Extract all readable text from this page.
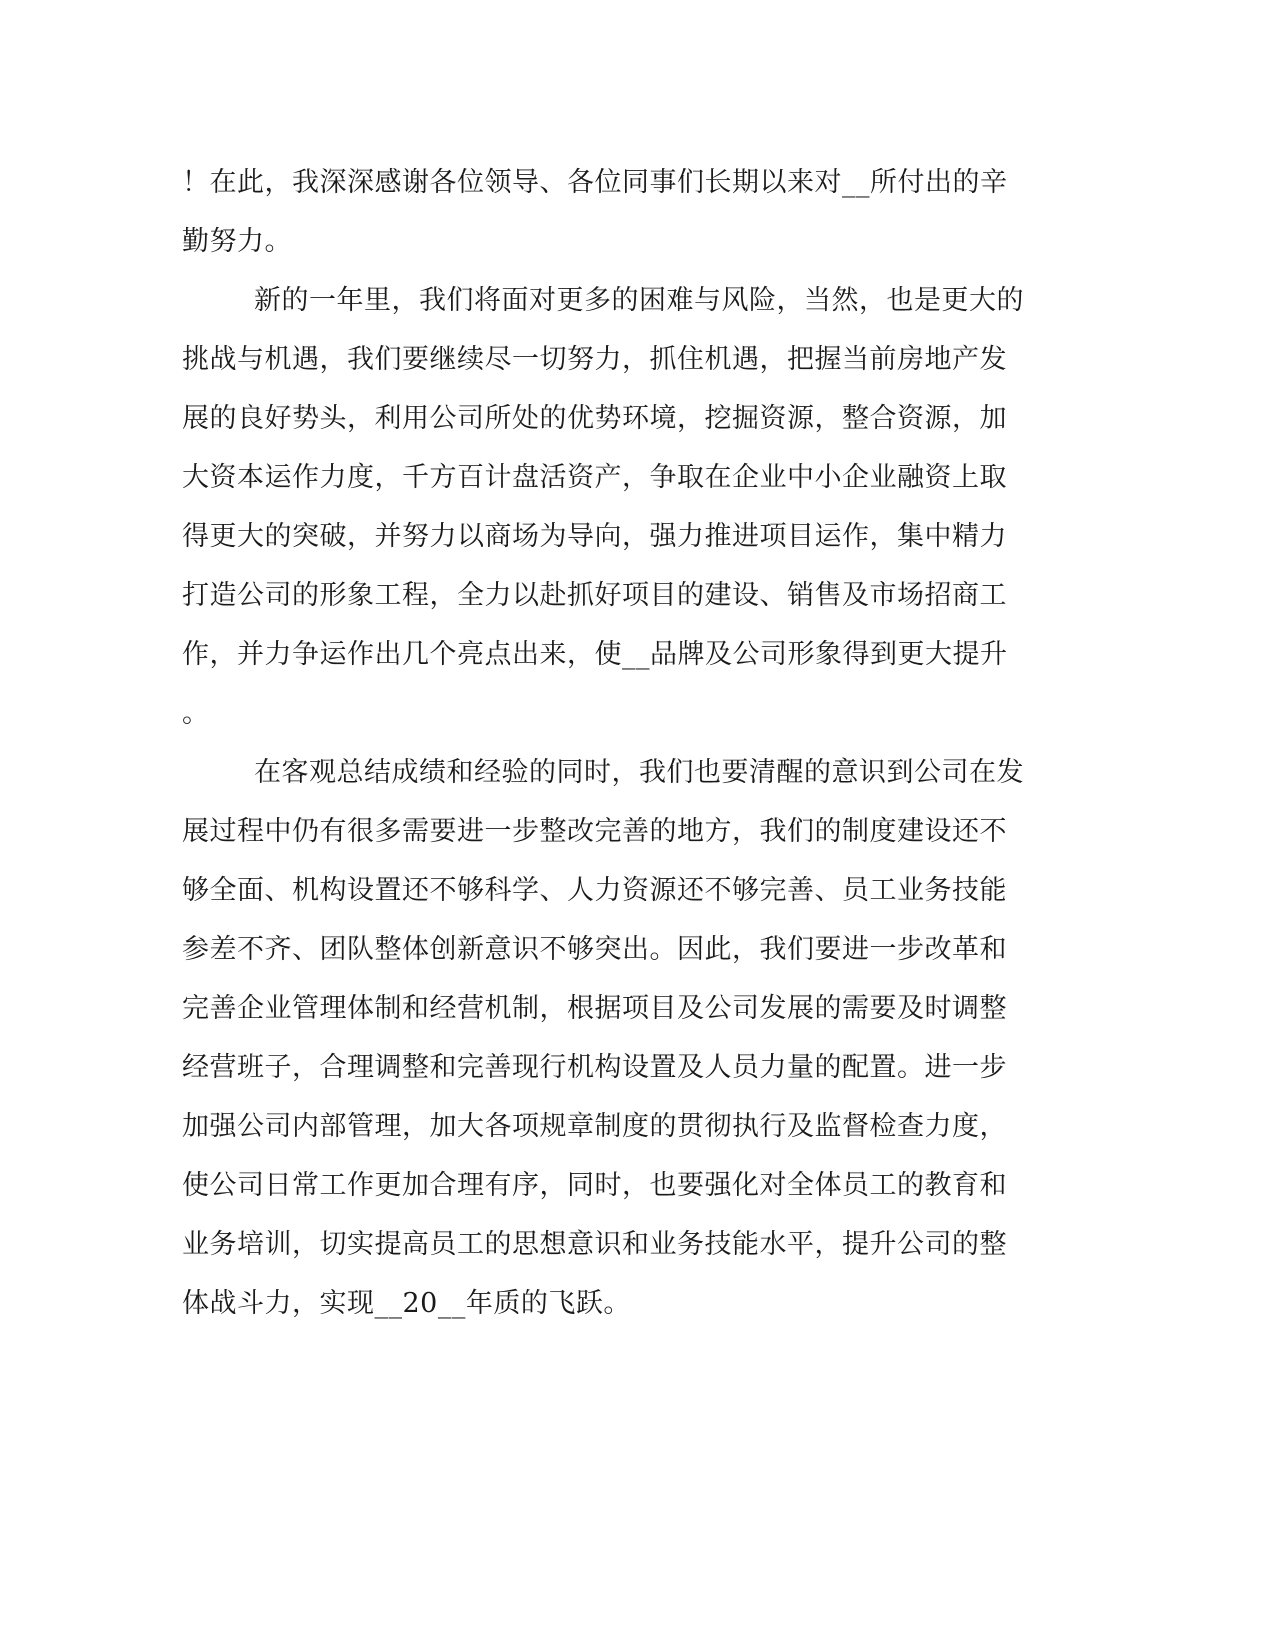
！在此，我深深感谢各位领导、各位同事们长期以来对__所付出的辛
勤努力。
新的一年里，我们将面对更多的困难与风险，当然，也是更大的
挑战与机遇，我们要继续尽一切努力，抓住机遇，把握当前房地产发
展的良好势头，利用公司所处的优势环境，挖掘资源，整合资源，加
大资本运作力度，千方百计盘活资产，争取在企业中小企业融资上取
得更大的突破，并努力以商场为导向，强力推进项目运作，集中精力
打造公司的形象工程，全力以赴抓好项目的建设、销售及市场招商工
作，并力争运作出几个亮点出来，使__品牌及公司形象得到更大提升
。
在客观总结成绩和经验的同时，我们也要清醒的意识到公司在发
展过程中仍有很多需要进一步整改完善的地方，我们的制度建设还不
够全面、机构设置还不够科学、人力资源还不够完善、员工业务技能
参差不齐、团队整体创新意识不够突出。因此，我们要进一步改革和
完善企业管理体制和经营机制，根据项目及公司发展的需要及时调整
经营班子，合理调整和完善现行机构设置及人员力量的配置。进一步
加强公司内部管理，加大各项规章制度的贯彻执行及监督检查力度，
使公司日常工作更加合理有序，同时，也要强化对全体员工的教育和
业务培训，切实提高员工的思想意识和业务技能水平，提升公司的整
体战斗力，实现__20__年质的飞跃。
